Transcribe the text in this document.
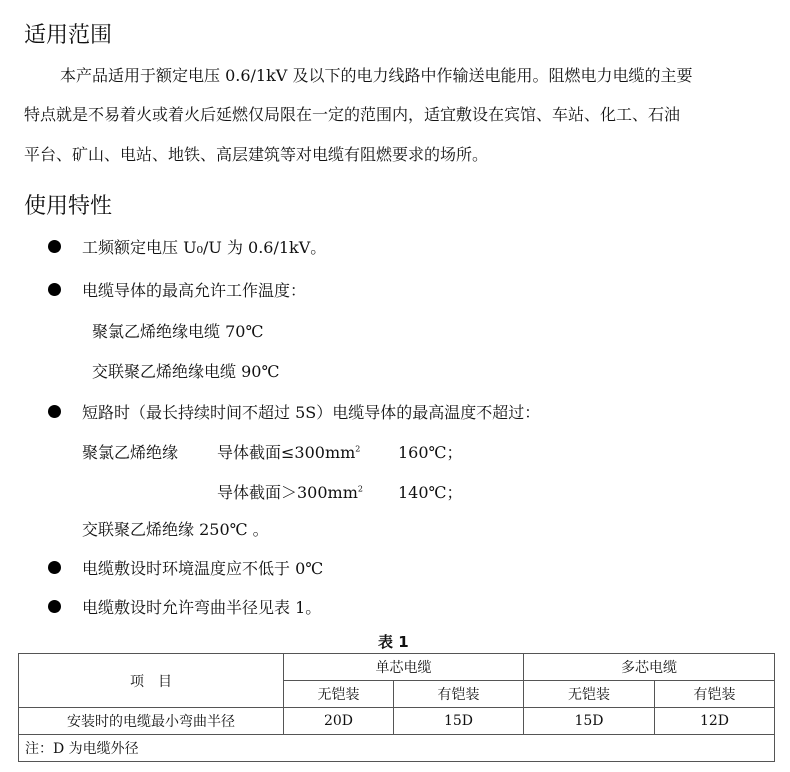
适用范围
本产品适用于额定电压 0.6/1kV 及以下的电力线路中作输送电能用。阻燃电力电缆的主要
特点就是不易着火或着火后延燃仅局限在一定的范围内，适宜敷设在宾馆、车站、化工、石油
平台、矿山、电站、地铁、高层建筑等对电缆有阻燃要求的场所。
使用特性
工频额定电压 U₀/U 为 0.6/1kV。
电缆导体的最高允许工作温度：
聚氯乙烯绝缘电缆 70℃
交联聚乙烯绝缘电缆 90℃
短路时（最长持续时间不超过 5S）电缆导体的最高温度不超过：
聚氯乙烯绝缘 导体截面$\le 300mm^2$ 160℃；
导体截面$>300mm^2$ 140℃；
交联聚乙烯绝缘 250℃ 。
电缆敷设时环境温度应不低于 0℃
电缆敷设时允许弯曲半径见表 1。
表 1
项　目	单芯电缆		多芯电缆	
	无铠装	有铠装	无铠装	有铠装
安装时的电缆最小弯曲半径	20D	15D	15D	12D
注：D 为电缆外径				
